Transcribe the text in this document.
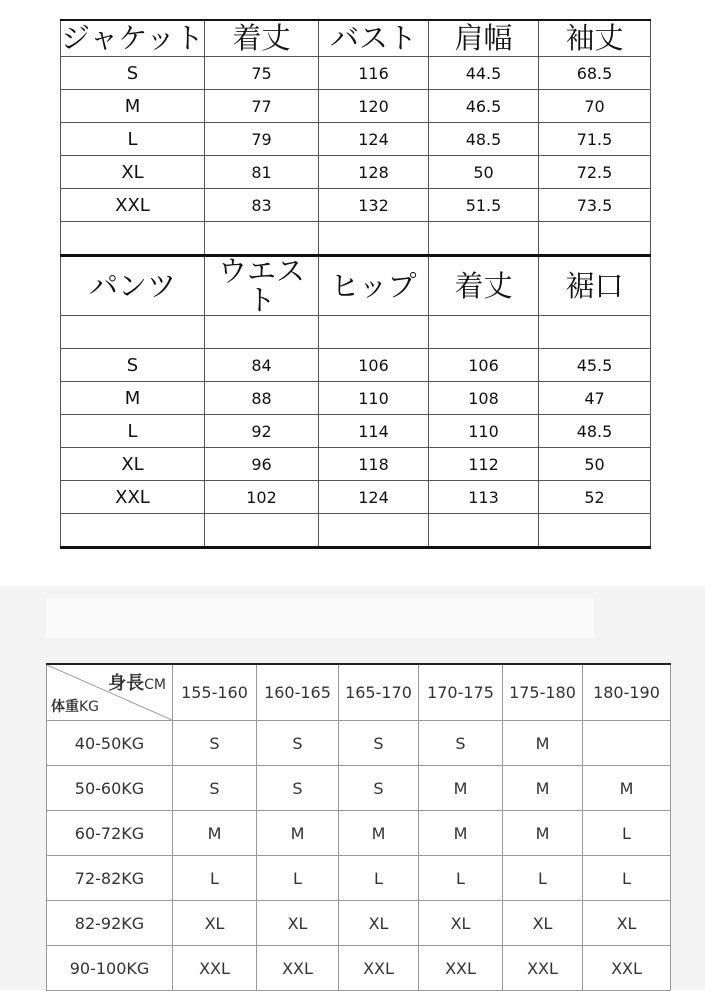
ジャケット	着丈	バスト	肩幅	袖丈
S	75	116	44.5	68.5
M	77	120	46.5	70
L	79	124	48.5	71.5
XL	81	128	50	72.5
XXL	83	132	51.5	73.5

パンツ	ウエスト	ヒップ	着丈	裾口

S	84	106	106	45.5
M	88	110	108	47
L	92	114	110	48.5
XL	96	118	112	50
XXL	102	124	113	52

身長CM
体重KG	155-160	160-165	165-170	170-175	175-180	180-190
40-50KG	S	S	S	S	M	
50-60KG	S	S	S	M	M	M
60-72KG	M	M	M	M	M	L
72-82KG	L	L	L	L	L	L
82-92KG	XL	XL	XL	XL	XL	XL
90-100KG	XXL	XXL	XXL	XXL	XXL	XXL
